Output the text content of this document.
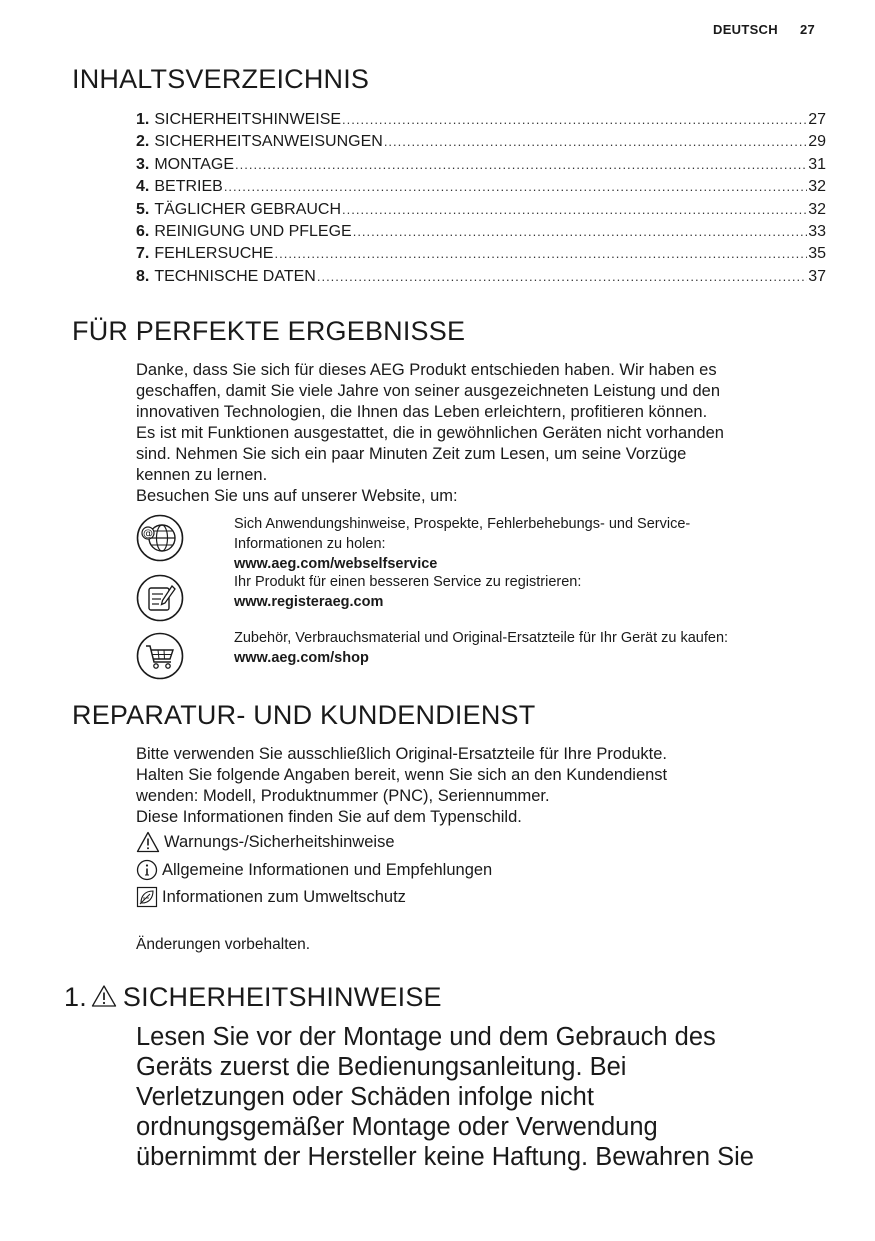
DEUTSCH 27
INHALTSVERZEICHNIS
1. SICHERHEITSHINWEISE .....	27
2. SICHERHEITSANWEISUNGEN .....	29
3. MONTAGE .....	31
4. BETRIEB .....	32
5. TÄGLICHER GEBRAUCH .....	32
6. REINIGUNG UND PFLEGE .....	33
7. FEHLERSUCHE .....	35
8. TECHNISCHE DATEN .....	37
FÜR PERFEKTE ERGEBNISSE

Danke, dass Sie sich für dieses AEG Produkt entschieden haben. Wir haben es
geschaffen, damit Sie viele Jahre von seiner ausgezeichneten Leistung und den
innovativen Technologien, die Ihnen das Leben erleichtern, profitieren können.
Es ist mit Funktionen ausgestattet, die in gewöhnlichen Geräten nicht vorhanden
sind. Nehmen Sie sich ein paar Minuten Zeit zum Lesen, um seine Vorzüge
kennen zu lernen.
Besuchen Sie uns auf unserer Website, um:

@
Sich Anwendungshinweise, Prospekte, Fehlerbehebungs- und Service-
Informationen zu holen:
www.aeg.com/webselfservice
Ihr Produkt für einen besseren Service zu registrieren:
www.registeraeg.com
Zubehör, Verbrauchsmaterial und Original-Ersatzteile für Ihr Gerät zu kaufen:
www.aeg.com/shop
REPARATUR- UND KUNDENDIENST

Bitte verwenden Sie ausschließlich Original-Ersatzteile für Ihre Produkte.
Halten Sie folgende Angaben bereit, wenn Sie sich an den Kundendienst
wenden: Modell, Produktnummer (PNC), Seriennummer.
Diese Informationen finden Sie auf dem Typenschild.

Warnungs-/Sicherheitshinweise
Allgemeine Informationen und Empfehlungen
Informationen zum Umweltschutz
Änderungen vorbehalten.
1. SICHERHEITSHINWEISE

Lesen Sie vor der Montage und dem Gebrauch des
Geräts zuerst die Bedienungsanleitung. Bei
Verletzungen oder Schäden infolge nicht
ordnungsgemäßer Montage oder Verwendung
übernimmt der Hersteller keine Haftung. Bewahren Sie
